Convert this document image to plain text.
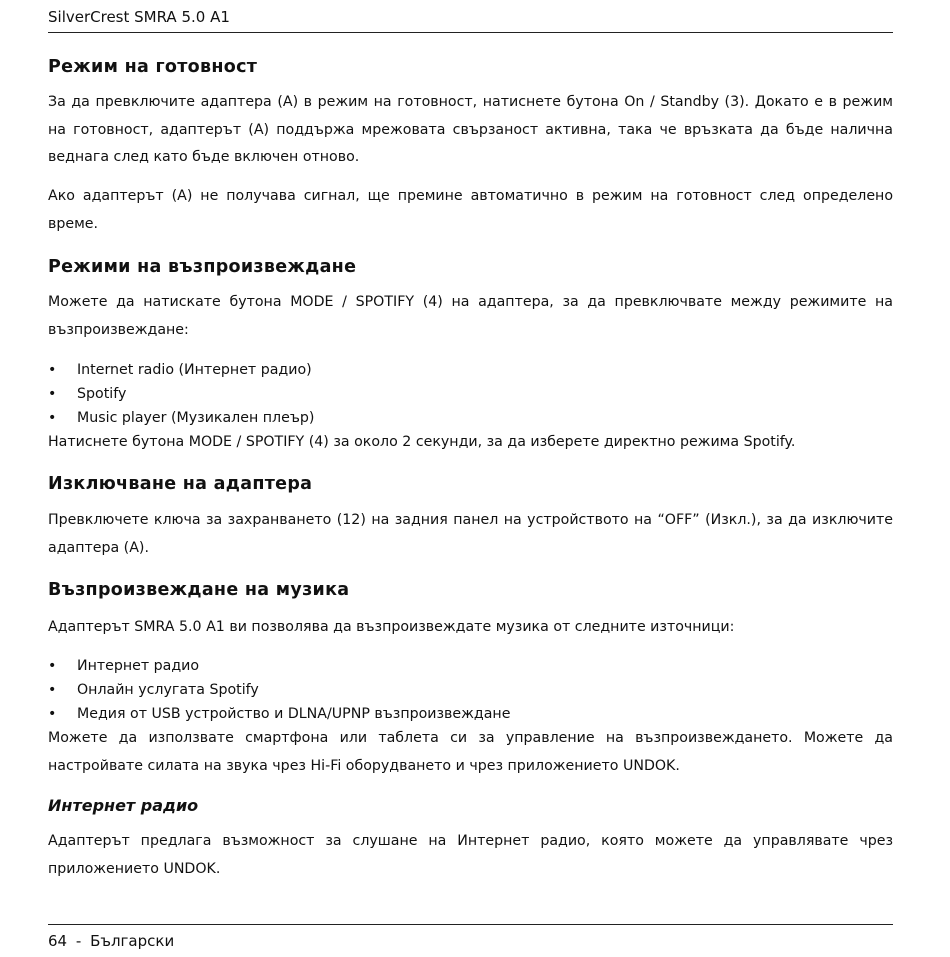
SilverCrest SMRA 5.0 A1
Режим на готовност

За да превключите адаптера (A) в режим на готовност, натиснете бутона On / Standby (3). Докато е в режим на готовност, адаптерът (A) поддържа мрежовата свързаност активна, така че връзката да бъде налична веднага след като бъде включен отново.

Ако адаптерът (A) не получава сигнал, ще премине автоматично в режим на готовност след определено време.

Режими на възпроизвеждане

Можете да натискате бутона MODE / SPOTIFY (4) на адаптера, за да превключвате между режимите на възпроизвеждане:

• Internet radio (Интернет радио)
• Spotify
• Music player (Музикален плеър)

Натиснете бутона MODE / SPOTIFY (4) за около 2 секунди, за да изберете директно режима Spotify.

Изключване на адаптера

Превключете ключа за захранването (12) на задния панел на устройството на “OFF” (Изкл.), за да изключите адаптера (A).

Възпроизвеждане на музика

Адаптерът SMRA 5.0 A1 ви позволява да възпроизвеждате музика от следните източници:

• Интернет радио
• Онлайн услугата Spotify
• Медия от USB устройство и DLNA/UPNP възпроизвеждане

Можете да използвате смартфона или таблета си за управление на възпроизвеждането. Можете да настройвате силата на звука чрез Hi-Fi оборудването и чрез приложението UNDOK.

Интернет радио

Адаптерът предлага възможност за слушане на Интернет радио, която можете да управлявате чрез приложението UNDOK.

64 - Български
